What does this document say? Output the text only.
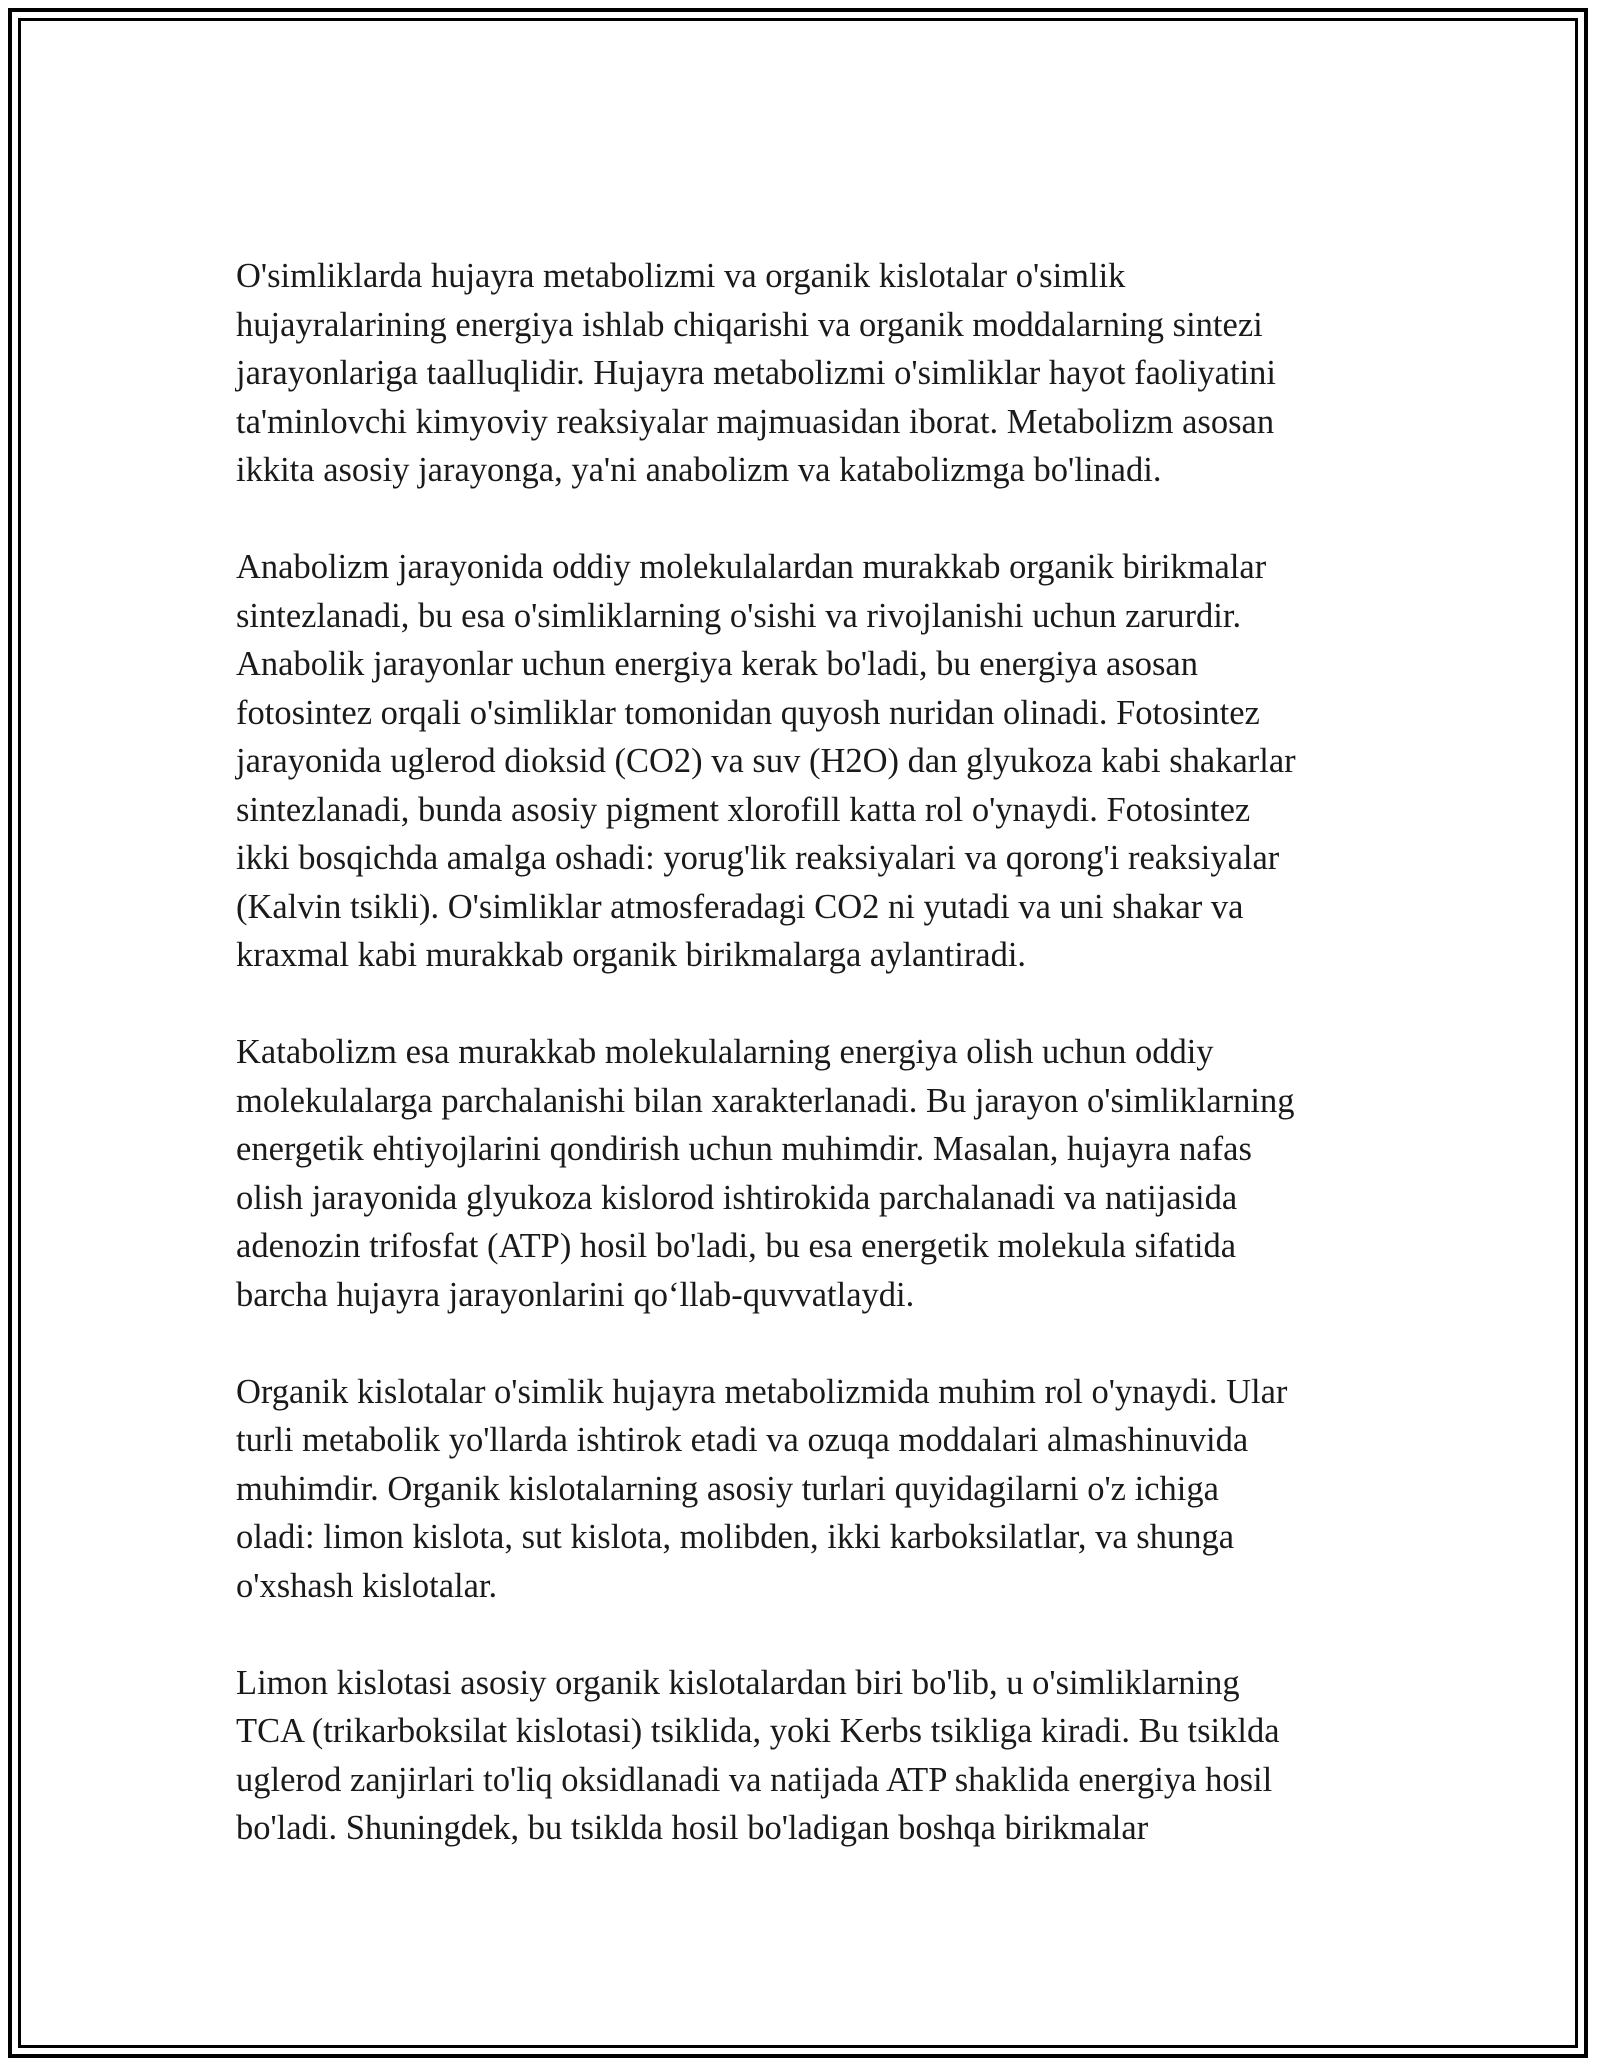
O'simliklarda hujayra metabolizmi va organik kislotalar o'simlik
hujayralarining energiya ishlab chiqarishi va organik moddalarning sintezi
jarayonlariga taalluqlidir. Hujayra metabolizmi o'simliklar hayot faoliyatini
ta'minlovchi kimyoviy reaksiyalar majmuasidan iborat. Metabolizm asosan
ikkita asosiy jarayonga, ya'ni anabolizm va katabolizmga bo'linadi.

Anabolizm jarayonida oddiy molekulalardan murakkab organik birikmalar
sintezlanadi, bu esa o'simliklarning o'sishi va rivojlanishi uchun zarurdir.
Anabolik jarayonlar uchun energiya kerak bo'ladi, bu energiya asosan
fotosintez orqali o'simliklar tomonidan quyosh nuridan olinadi. Fotosintez
jarayonida uglerod dioksid (CO2) va suv (H2O) dan glyukoza kabi shakarlar
sintezlanadi, bunda asosiy pigment xlorofill katta rol o'ynaydi. Fotosintez
ikki bosqichda amalga oshadi: yorug'lik reaksiyalari va qorong'i reaksiyalar
(Kalvin tsikli). O'simliklar atmosferadagi CO2 ni yutadi va uni shakar va
kraxmal kabi murakkab organik birikmalarga aylantiradi.

Katabolizm esa murakkab molekulalarning energiya olish uchun oddiy
molekulalarga parchalanishi bilan xarakterlanadi. Bu jarayon o'simliklarning
energetik ehtiyojlarini qondirish uchun muhimdir. Masalan, hujayra nafas
olish jarayonida glyukoza kislorod ishtirokida parchalanadi va natijasida
adenozin trifosfat (ATP) hosil bo'ladi, bu esa energetik molekula sifatida
barcha hujayra jarayonlarini qo‘llab-quvvatlaydi.

Organik kislotalar o'simlik hujayra metabolizmida muhim rol o'ynaydi. Ular
turli metabolik yo'llarda ishtirok etadi va ozuqa moddalari almashinuvida
muhimdir. Organik kislotalarning asosiy turlari quyidagilarni o'z ichiga
oladi: limon kislota, sut kislota, molibden, ikki karboksilatlar, va shunga
o'xshash kislotalar.

Limon kislotasi asosiy organik kislotalardan biri bo'lib, u o'simliklarning
TCA (trikarboksilat kislotasi) tsiklida, yoki Kerbs tsikliga kiradi. Bu tsiklda
uglerod zanjirlari to'liq oksidlanadi va natijada ATP shaklida energiya hosil
bo'ladi. Shuningdek, bu tsiklda hosil bo'ladigan boshqa birikmalar
